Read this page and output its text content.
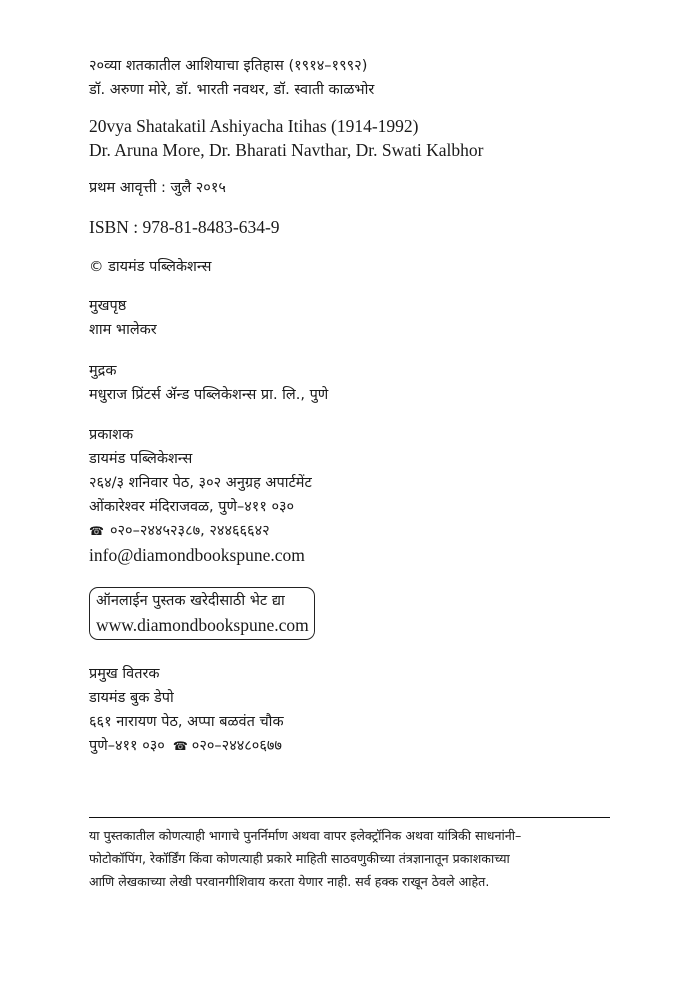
२०व्या शतकातील आशियाचा इतिहास (१९१४–१९९२)
डॉ. अरुणा मोरे, डॉ. भारती नवथर, डॉ. स्वाती काळभोर
20vya Shatakatil Ashiyacha Itihas (1914-1992)
Dr. Aruna More, Dr. Bharati Navthar, Dr. Swati Kalbhor
प्रथम आवृत्ती : जुलै २०१५
ISBN : 978-81-8483-634-9
© डायमंड पब्लिकेशन्स
मुखपृष्ठ
शाम भालेकर
मुद्रक
मधुराज प्रिंटर्स ॲन्ड पब्लिकेशन्स प्रा. लि., पुणे
प्रकाशक
डायमंड पब्लिकेशन्स
२६४/३ शनिवार पेठ, ३०२ अनुग्रह अपार्टमेंट
ओंकारेश्वर मंदिराजवळ, पुणे–४११ ०३०
☎ ०२०–२४४५२३८७, २४४६६६४२
info@diamondbookspune.com
ऑनलाईन पुस्तक खरेदीसाठी भेट द्या
www.diamondbookspune.com
प्रमुख वितरक
डायमंड बुक डेपो
६६१ नारायण पेठ, अप्पा बळवंत चौक
पुणे–४११ ०३० ☎ ०२०–२४४८०६७७
या पुस्तकातील कोणत्याही भागाचे पुनर्निर्माण अथवा वापर इलेक्ट्रॉनिक अथवा यांत्रिकी साधनांनी–
फोटोकॉपिंग, रेकॉर्डिंग किंवा कोणत्याही प्रकारे माहिती साठवणुकीच्या तंत्रज्ञानातून प्रकाशकाच्या
आणि लेखकाच्या लेखी परवानगीशिवाय करता येणार नाही. सर्व हक्क राखून ठेवले आहेत.
